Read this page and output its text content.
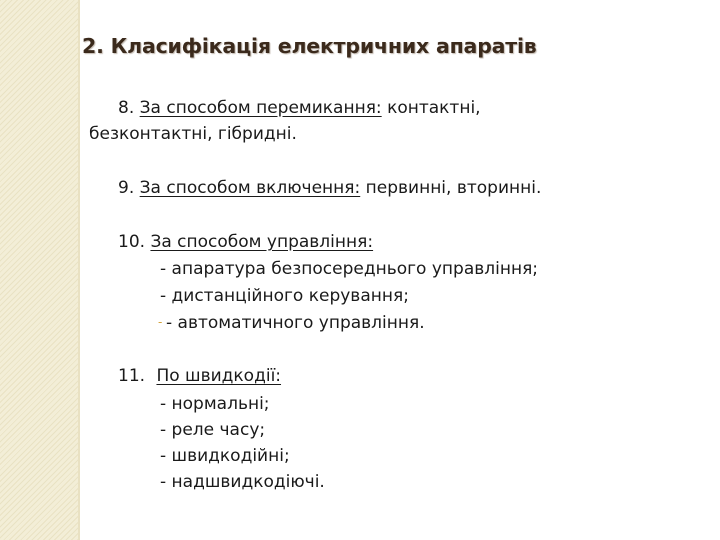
2. Класифікація електричних апаратів
8. За способом перемикання: контактні,
безконтактні, гібридні.
9. За способом включення: первинні, вторинні.
10. За способом управління:
- апаратура безпосереднього управління;
- дистанційного керування;
- - автоматичного управління.
11. По швидкодії:
- нормальні;
- реле часу;
- швидкодійні;
- надшвидкодіючі.
